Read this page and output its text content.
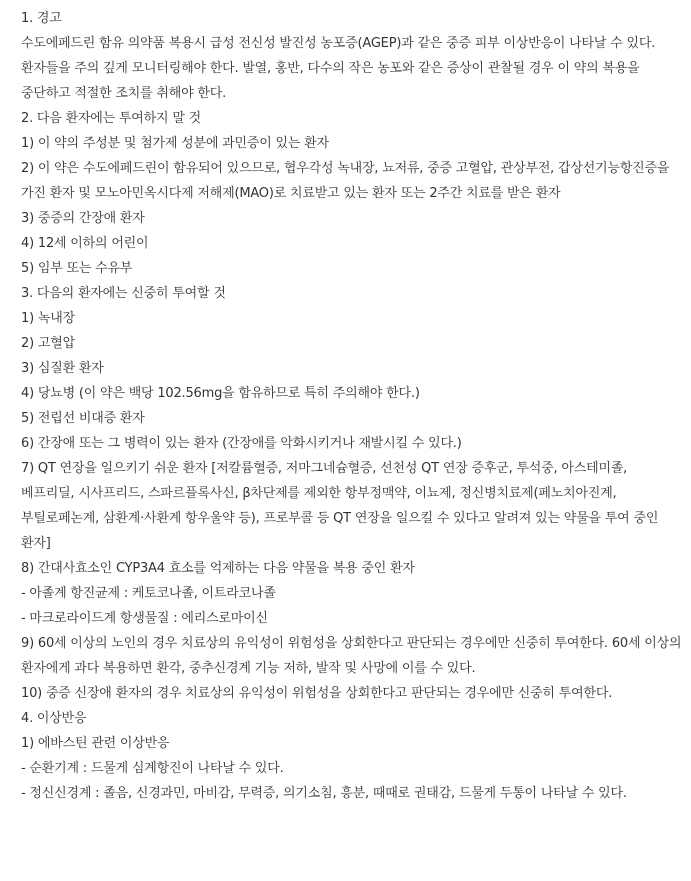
1. 경고

수도에페드린 함유 의약품 복용시 급성 전신성 발진성 농포증(AGEP)과 같은 중증 피부 이상반응이 나타날 수 있다. 환자들을 주의 깊게 모니터링해야 한다. 발열, 홍반, 다수의 작은 농포와 같은 증상이 관찰될 경우 이 약의 복용을 중단하고 적절한 조치를 취해야 한다.

2. 다음 환자에는 투여하지 말 것

1) 이 약의 주성분 및 첨가제 성분에 과민증이 있는 환자

2) 이 약은 수도에페드린이 함유되어 있으므로, 협우각성 녹내장, 뇨저류, 중증 고혈압, 관상부전, 갑상선기능항진증을 가진 환자 및 모노아민옥시다제 저해제(MAO)로 치료받고 있는 환자 또는 2주간 치료를 받은 환자

3) 중증의 간장애 환자

4) 12세 이하의 어린이

5) 임부 또는 수유부

3. 다음의 환자에는 신중히 투여할 것

1) 녹내장

2) 고혈압

3) 심질환 환자

4) 당뇨병 (이 약은 백당 102.56mg을 함유하므로 특히 주의해야 한다.)

5) 전립선 비대증 환자

6) 간장애 또는 그 병력이 있는 환자 (간장애를 악화시키거나 재발시킬 수 있다.)

7) QT 연장을 일으키기 쉬운 환자 [저칼륨혈증, 저마그네슘혈증, 선천성 QT 연장 증후군, 투석중, 아스테미졸, 베프리딜, 시사프리드, 스파르플록사신, β차단제를 제외한 항부정맥약, 이뇨제, 정신병치료제(페노치아진계, 부틸로페논계, 삼환계·사환계 항우울약 등), 프로부콜 등 QT 연장을 일으킬 수 있다고 알려져 있는 약물을 투여 중인 환자]

8) 간대사효소인 CYP3A4 효소를 억제하는 다음 약물을 복용 중인 환자

- 아졸계 항진균제 : 케토코나졸, 이트라코나졸

- 마크로라이드계 항생물질 : 에리스로마이신

9) 60세 이상의 노인의 경우 치료상의 유익성이 위험성을 상회한다고 판단되는 경우에만 신중히 투여한다. 60세 이상의 환자에게 과다 복용하면 환각, 중추신경계 기능 저하, 발작 및 사망에 이를 수 있다.

10) 중증 신장애 환자의 경우 치료상의 유익성이 위험성을 상회한다고 판단되는 경우에만 신중히 투여한다.

4. 이상반응

1) 에바스틴 관련 이상반응

- 순환기계 : 드물게 심계항진이 나타날 수 있다.

- 정신신경계 : 졸음, 신경과민, 마비감, 무력증, 의기소침, 흥분, 때때로 권태감, 드물게 두통이 나타날 수 있다.
